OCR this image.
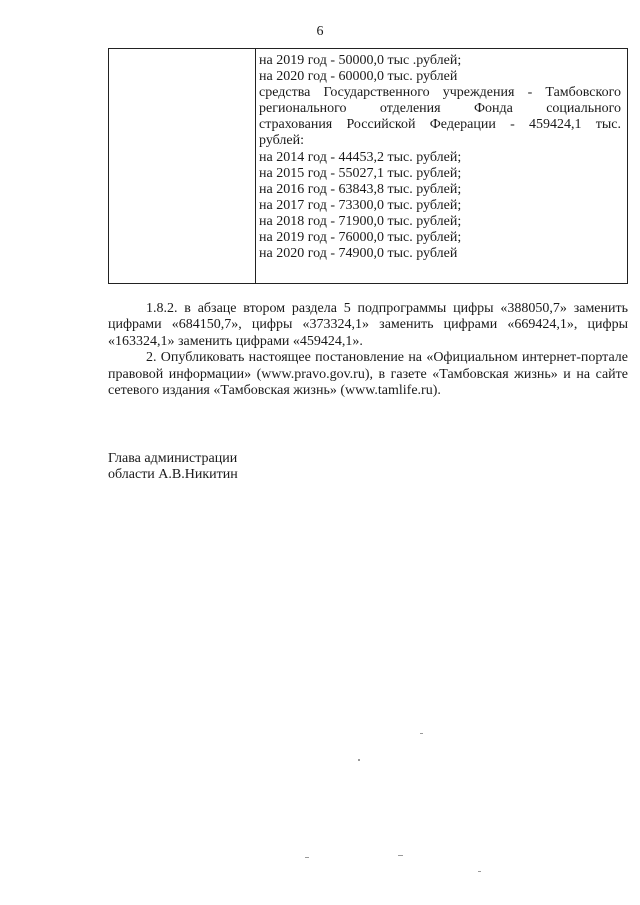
6
на 2019 год - 50000,0 тыс .рублей;
на 2020 год - 60000,0 тыс. рублей
средства Государственного учреждения - Тамбовского
регионального отделения Фонда социального
страхования Российской Федерации - 459424,1 тыс.
рублей:
на 2014 год - 44453,2 тыс. рублей;
на 2015 год - 55027,1 тыс. рублей;
на 2016 год - 63843,8 тыс. рублей;
на 2017 год - 73300,0 тыс. рублей;
на 2018 год - 71900,0 тыс. рублей;
на 2019 год - 76000,0 тыс. рублей;
на 2020 год - 74900,0 тыс. рублей

1.8.2. в абзаце втором раздела 5 подпрограммы цифры «388050,7» заменить цифрами «684150,7», цифры «373324,1» заменить цифрами «669424,1», цифры «163324,1» заменить цифрами «459424,1».

2. Опубликовать настоящее постановление на «Официальном интернет-портале правовой информации» (www.pravo.gov.ru), в газете «Тамбовская жизнь» и на сайте сетевого издания «Тамбовская жизнь» (www.tamlife.ru).

Глава администрации
области А.В.Никитин
